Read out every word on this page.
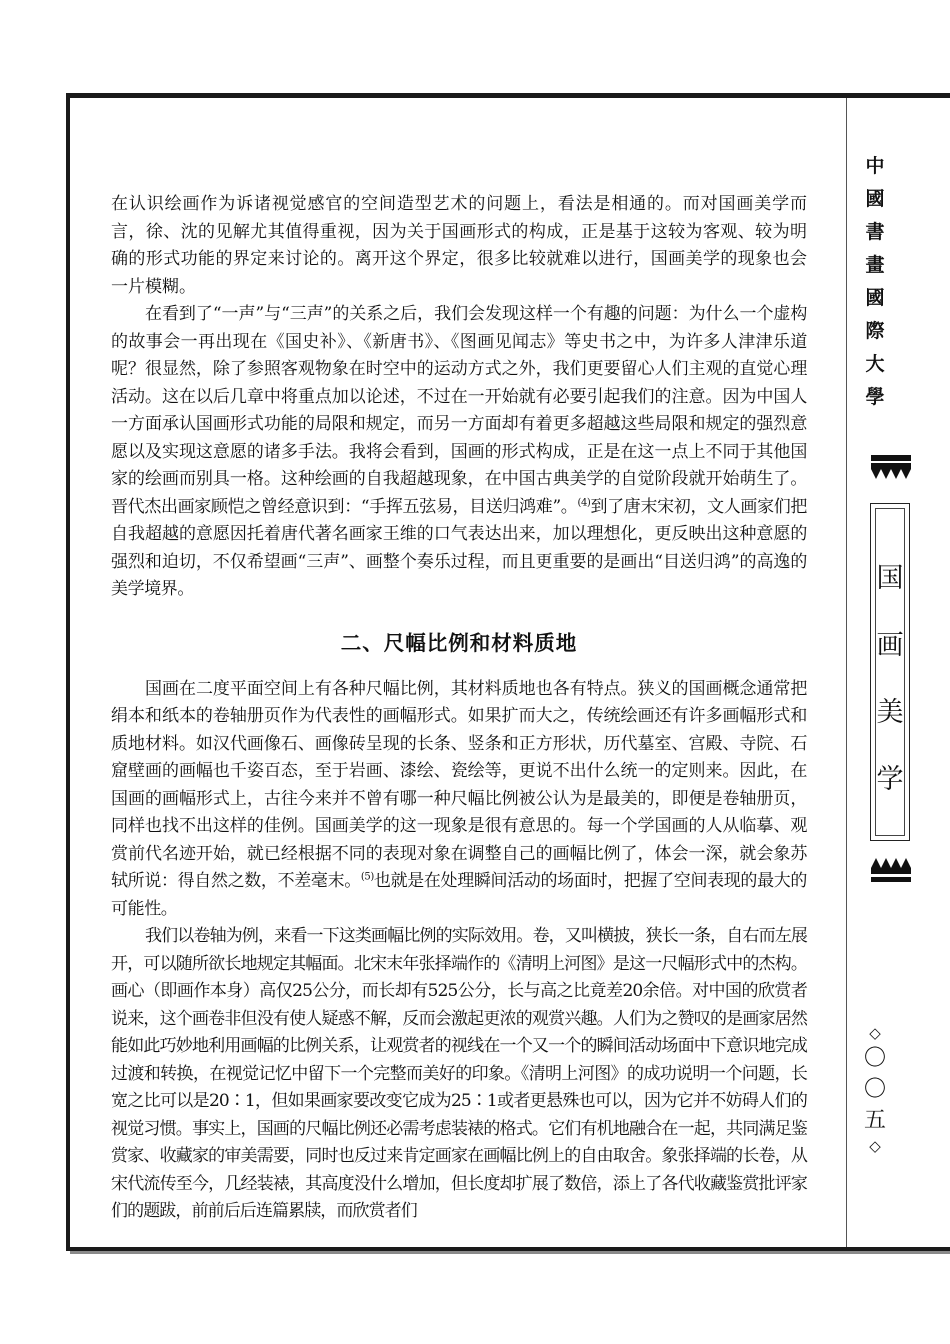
在认识绘画作为诉诸视觉感官的空间造型艺术的问题上，看法是相通的。而对国画美学而言，徐、沈的见解尤其值得重视，因为关于国画形式的构成，正是基于这较为客观、较为明确的形式功能的界定来讨论的。离开这个界定，很多比较就难以进行，国画美学的现象也会一片模糊。

在看到了“一声”与“三声”的关系之后，我们会发现这样一个有趣的问题：为什么一个虚构的故事会一再出现在《国史补》、《新唐书》、《图画见闻志》等史书之中，为许多人津津乐道呢？很显然，除了参照客观物象在时空中的运动方式之外，我们更要留心人们主观的直觉心理活动。这在以后几章中将重点加以论述，不过在一开始就有必要引起我们的注意。因为中国人一方面承认国画形式功能的局限和规定，而另一方面却有着更多超越这些局限和规定的强烈意愿以及实现这意愿的诸多手法。我将会看到，国画的形式构成，正是在这一点上不同于其他国家的绘画而别具一格。这种绘画的自我超越现象，在中国古典美学的自觉阶段就开始萌生了。晋代杰出画家顾恺之曾经意识到：“手挥五弦易，目送归鸿难”。$^{(4)}$到了唐末宋初，文人画家们把自我超越的意愿因托着唐代著名画家王维的口气表达出来，加以理想化，更反映出这种意愿的强烈和迫切，不仅希望画“三声”、画整个奏乐过程，而且更重要的是画出“目送归鸿”的高逸的美学境界。

二、尺幅比例和材料质地

国画在二度平面空间上有各种尺幅比例，其材料质地也各有特点。狭义的国画概念通常把绢本和纸本的卷轴册页作为代表性的画幅形式。如果扩而大之，传统绘画还有许多画幅形式和质地材料。如汉代画像石、画像砖呈现的长条、竖条和正方形状，历代墓室、宫殿、寺院、石窟壁画的画幅也千姿百态，至于岩画、漆绘、瓷绘等，更说不出什么统一的定则来。因此，在国画的画幅形式上，古往今来并不曾有哪一种尺幅比例被公认为是最美的，即便是卷轴册页，同样也找不出这样的佳例。国画美学的这一现象是很有意思的。每一个学国画的人从临摹、观赏前代名迹开始，就已经根据不同的表现对象在调整自己的画幅比例了，体会一深，就会象苏轼所说：得自然之数，不差毫末。$^{(5)}$也就是在处理瞬间活动的场面时，把握了空间表现的最大的可能性。

我们以卷轴为例，来看一下这类画幅比例的实际效用。卷，又叫横披，狭长一条，自右而左展开，可以随所欲长地规定其幅面。北宋末年张择端作的《清明上河图》是这一尺幅形式中的杰构。画心（即画作本身）高仅25公分，而长却有525公分，长与高之比竟差20余倍。对中国的欣赏者说来，这个画卷非但没有使人疑惑不解，反而会激起更浓的观赏兴趣。人们为之赞叹的是画家居然能如此巧妙地利用画幅的比例关系，让观赏者的视线在一个又一个的瞬间活动场面中下意识地完成过渡和转换，在视觉记忆中留下一个完整而美好的印象。《清明上河图》的成功说明一个问题，长宽之比可以是20∶1，但如果画家要改变它成为25∶1或者更悬殊也可以，因为它并不妨碍人们的视觉习惯。事实上，国画的尺幅比例还必需考虑装裱的格式。它们有机地融合在一起，共同满足鉴赏家、收藏家的审美需要，同时也反过来肯定画家在画幅比例上的自由取舍。象张择端的长卷，从宋代流传至今，几经装裱，其高度没什么增加，但长度却扩展了数倍，添上了各代收藏鉴赏批评家们的题跋，前前后后连篇累牍，而欣赏者们

中
國
書
畫
國
際
大
學
国
画
美
学
◇
〇
〇
五
◇
